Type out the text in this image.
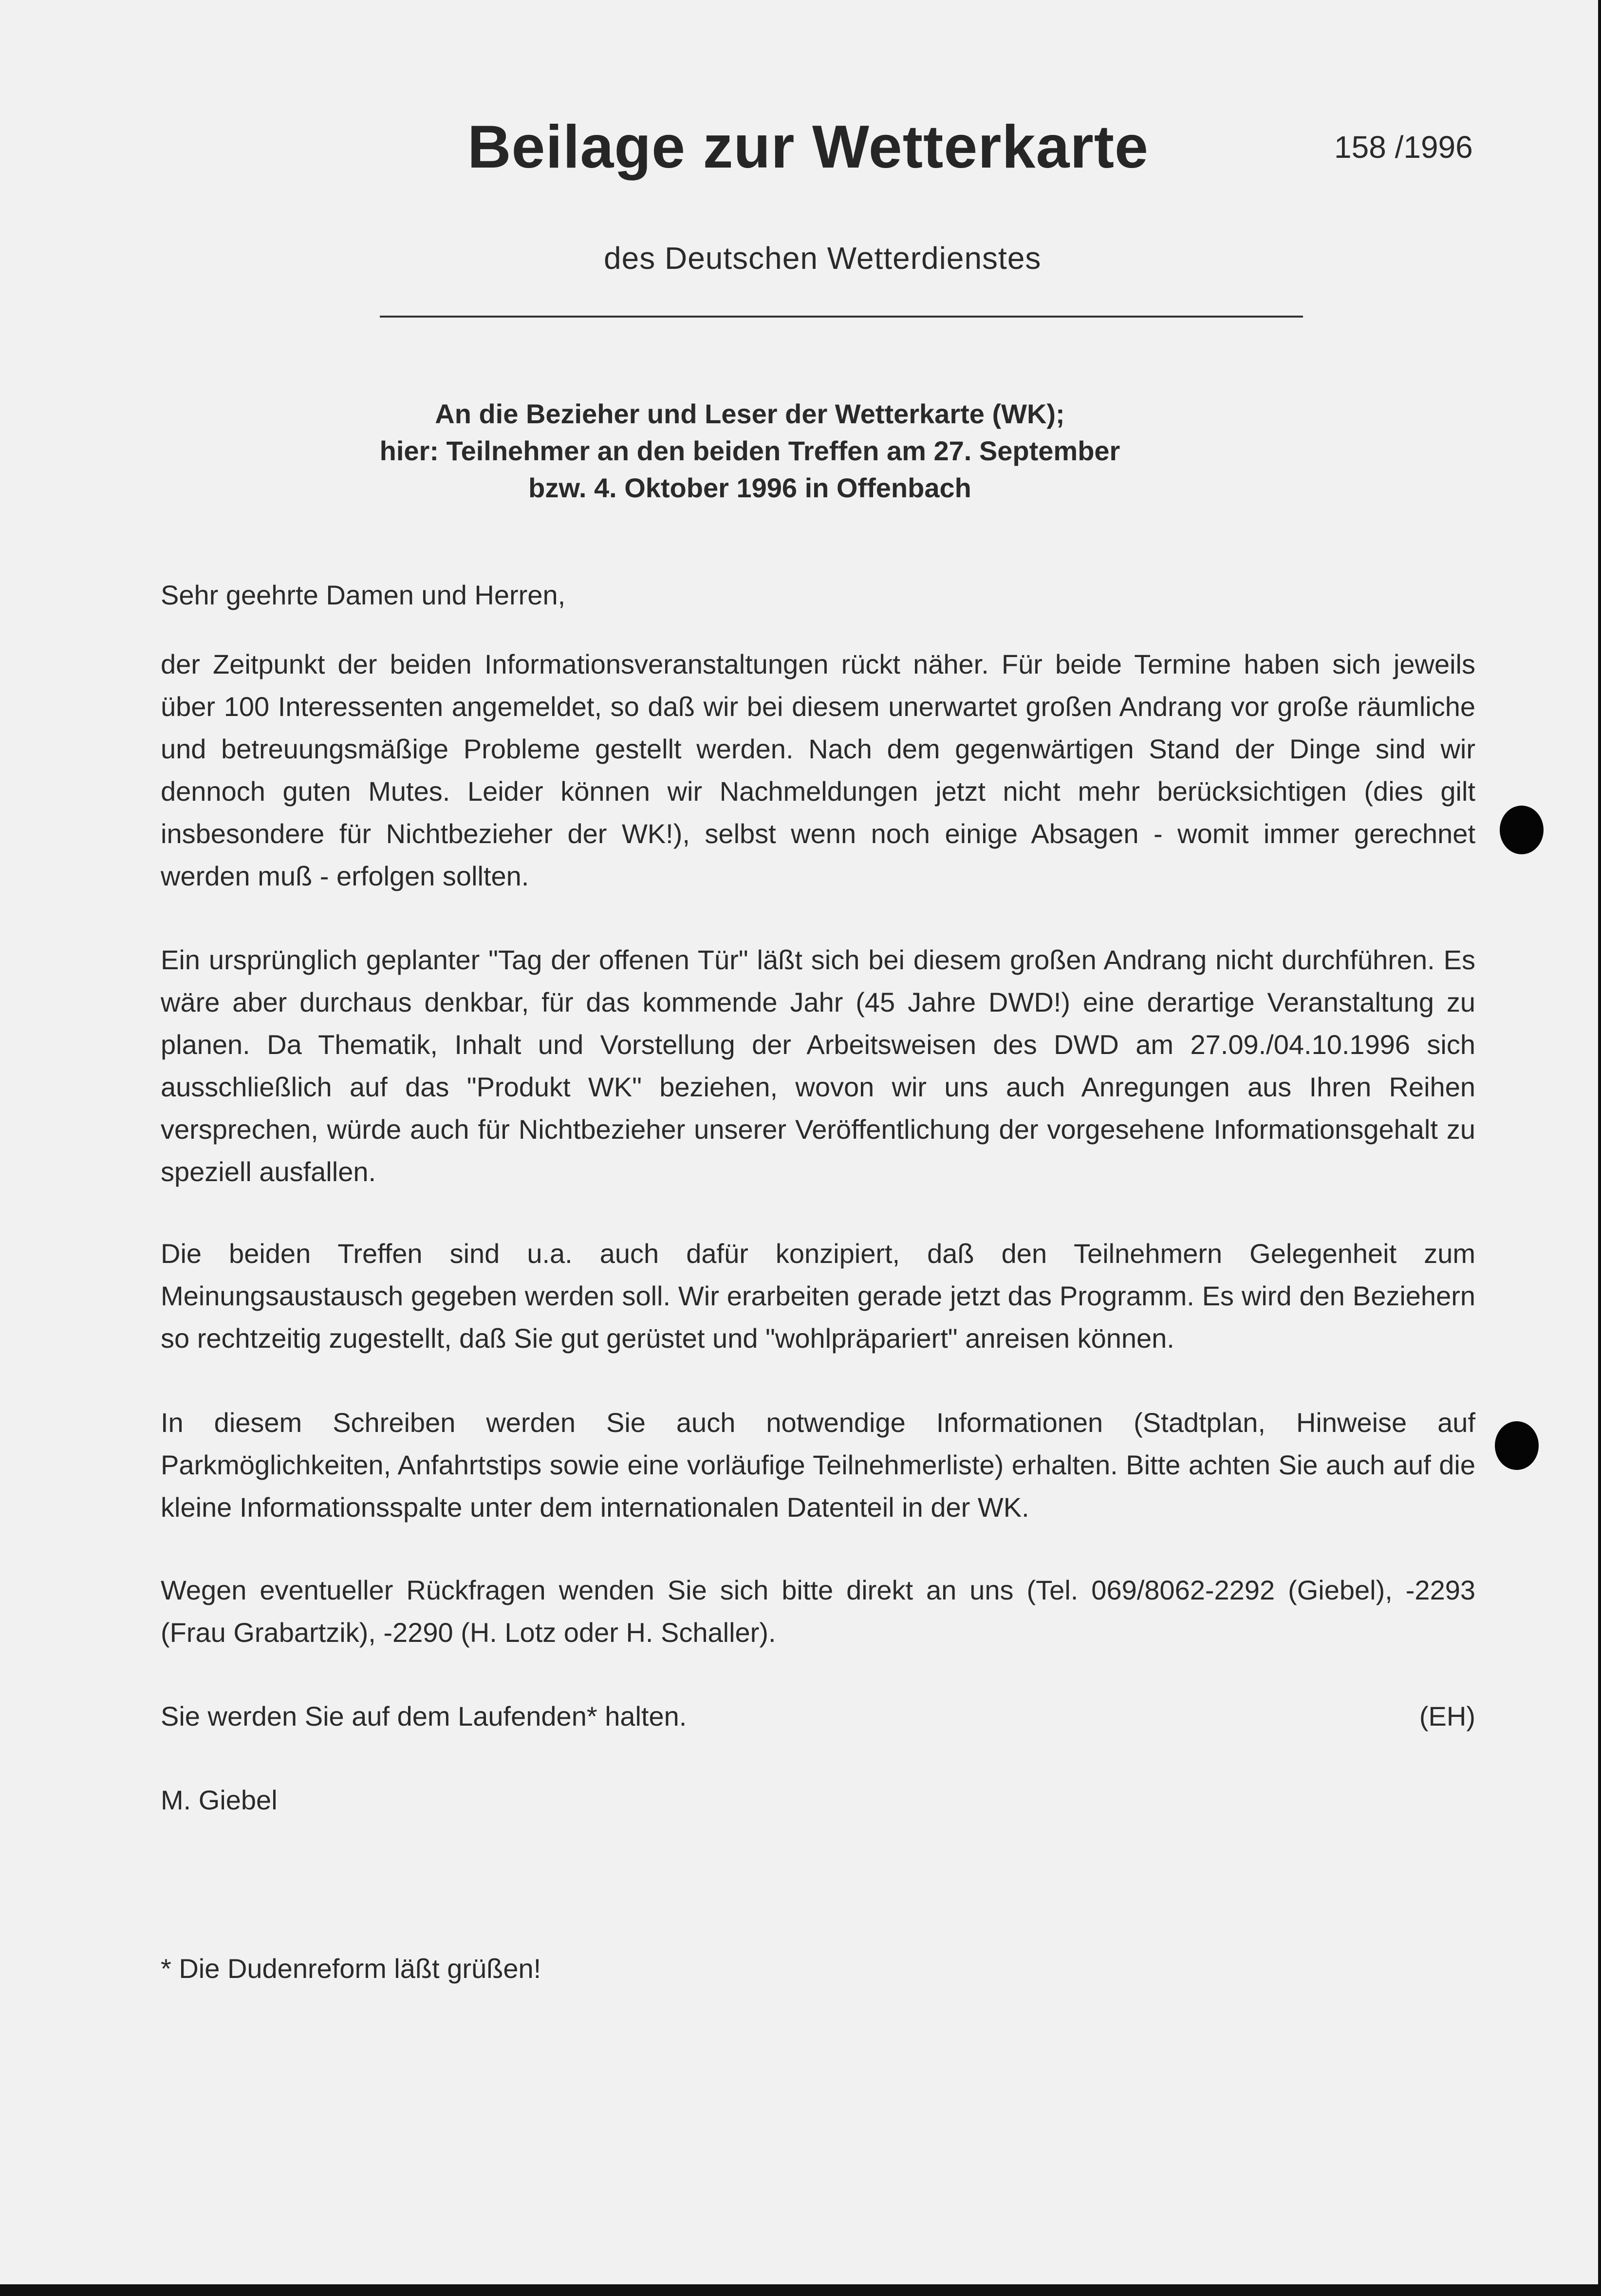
Beilage zur Wetterkarte	158 /1996
des Deutschen Wetterdienstes
An die Bezieher und Leser der Wetterkarte (WK);
hier: Teilnehmer an den beiden Treffen am 27. September
bzw. 4. Oktober 1996 in Offenbach

Sehr geehrte Damen und Herren,

der Zeitpunkt der beiden Informationsveranstaltungen rückt näher. Für beide Termine haben sich jeweils über 100 Interessenten angemeldet, so daß wir bei diesem unerwartet großen Andrang vor große räumliche und betreuungsmäßige Probleme gestellt werden. Nach dem gegenwärtigen Stand der Dinge sind wir dennoch guten Mutes. Leider können wir Nachmeldungen jetzt nicht mehr berücksichtigen (dies gilt insbesondere für Nichtbezieher der WK!), selbst wenn noch einige Absagen - womit immer gerechnet werden muß - erfolgen sollten.

Ein ursprünglich geplanter "Tag der offenen Tür" läßt sich bei diesem großen Andrang nicht durchführen. Es wäre aber durchaus denkbar, für das kommende Jahr (45 Jahre DWD!) eine derartige Veranstaltung zu planen. Da Thematik, Inhalt und Vorstellung der Arbeitsweisen des DWD am 27.09./04.10.1996 sich ausschließlich auf das "Produkt WK" beziehen, wovon wir uns auch Anregungen aus Ihren Reihen versprechen, würde auch für Nichtbezieher unserer Veröffentlichung der vorgesehene Informationsgehalt zu speziell ausfallen.

Die beiden Treffen sind u.a. auch dafür konzipiert, daß den Teilnehmern Gelegenheit zum Meinungsaustausch gegeben werden soll. Wir erarbeiten gerade jetzt das Programm. Es wird den Beziehern so rechtzeitig zugestellt, daß Sie gut gerüstet und "wohlpräpariert" anreisen können.

In diesem Schreiben werden Sie auch notwendige Informationen (Stadtplan, Hinweise auf Parkmöglichkeiten, Anfahrtstips sowie eine vorläufige Teilnehmerliste) erhalten. Bitte achten Sie auch auf die kleine Informationsspalte unter dem internationalen Datenteil in der WK.

Wegen eventueller Rückfragen wenden Sie sich bitte direkt an uns (Tel. 069/8062-2292 (Giebel), -2293 (Frau Grabartzik), -2290 (H. Lotz oder H. Schaller).

Sie werden Sie auf dem Laufenden* halten.	(EH)

M. Giebel

* Die Dudenreform läßt grüßen!
